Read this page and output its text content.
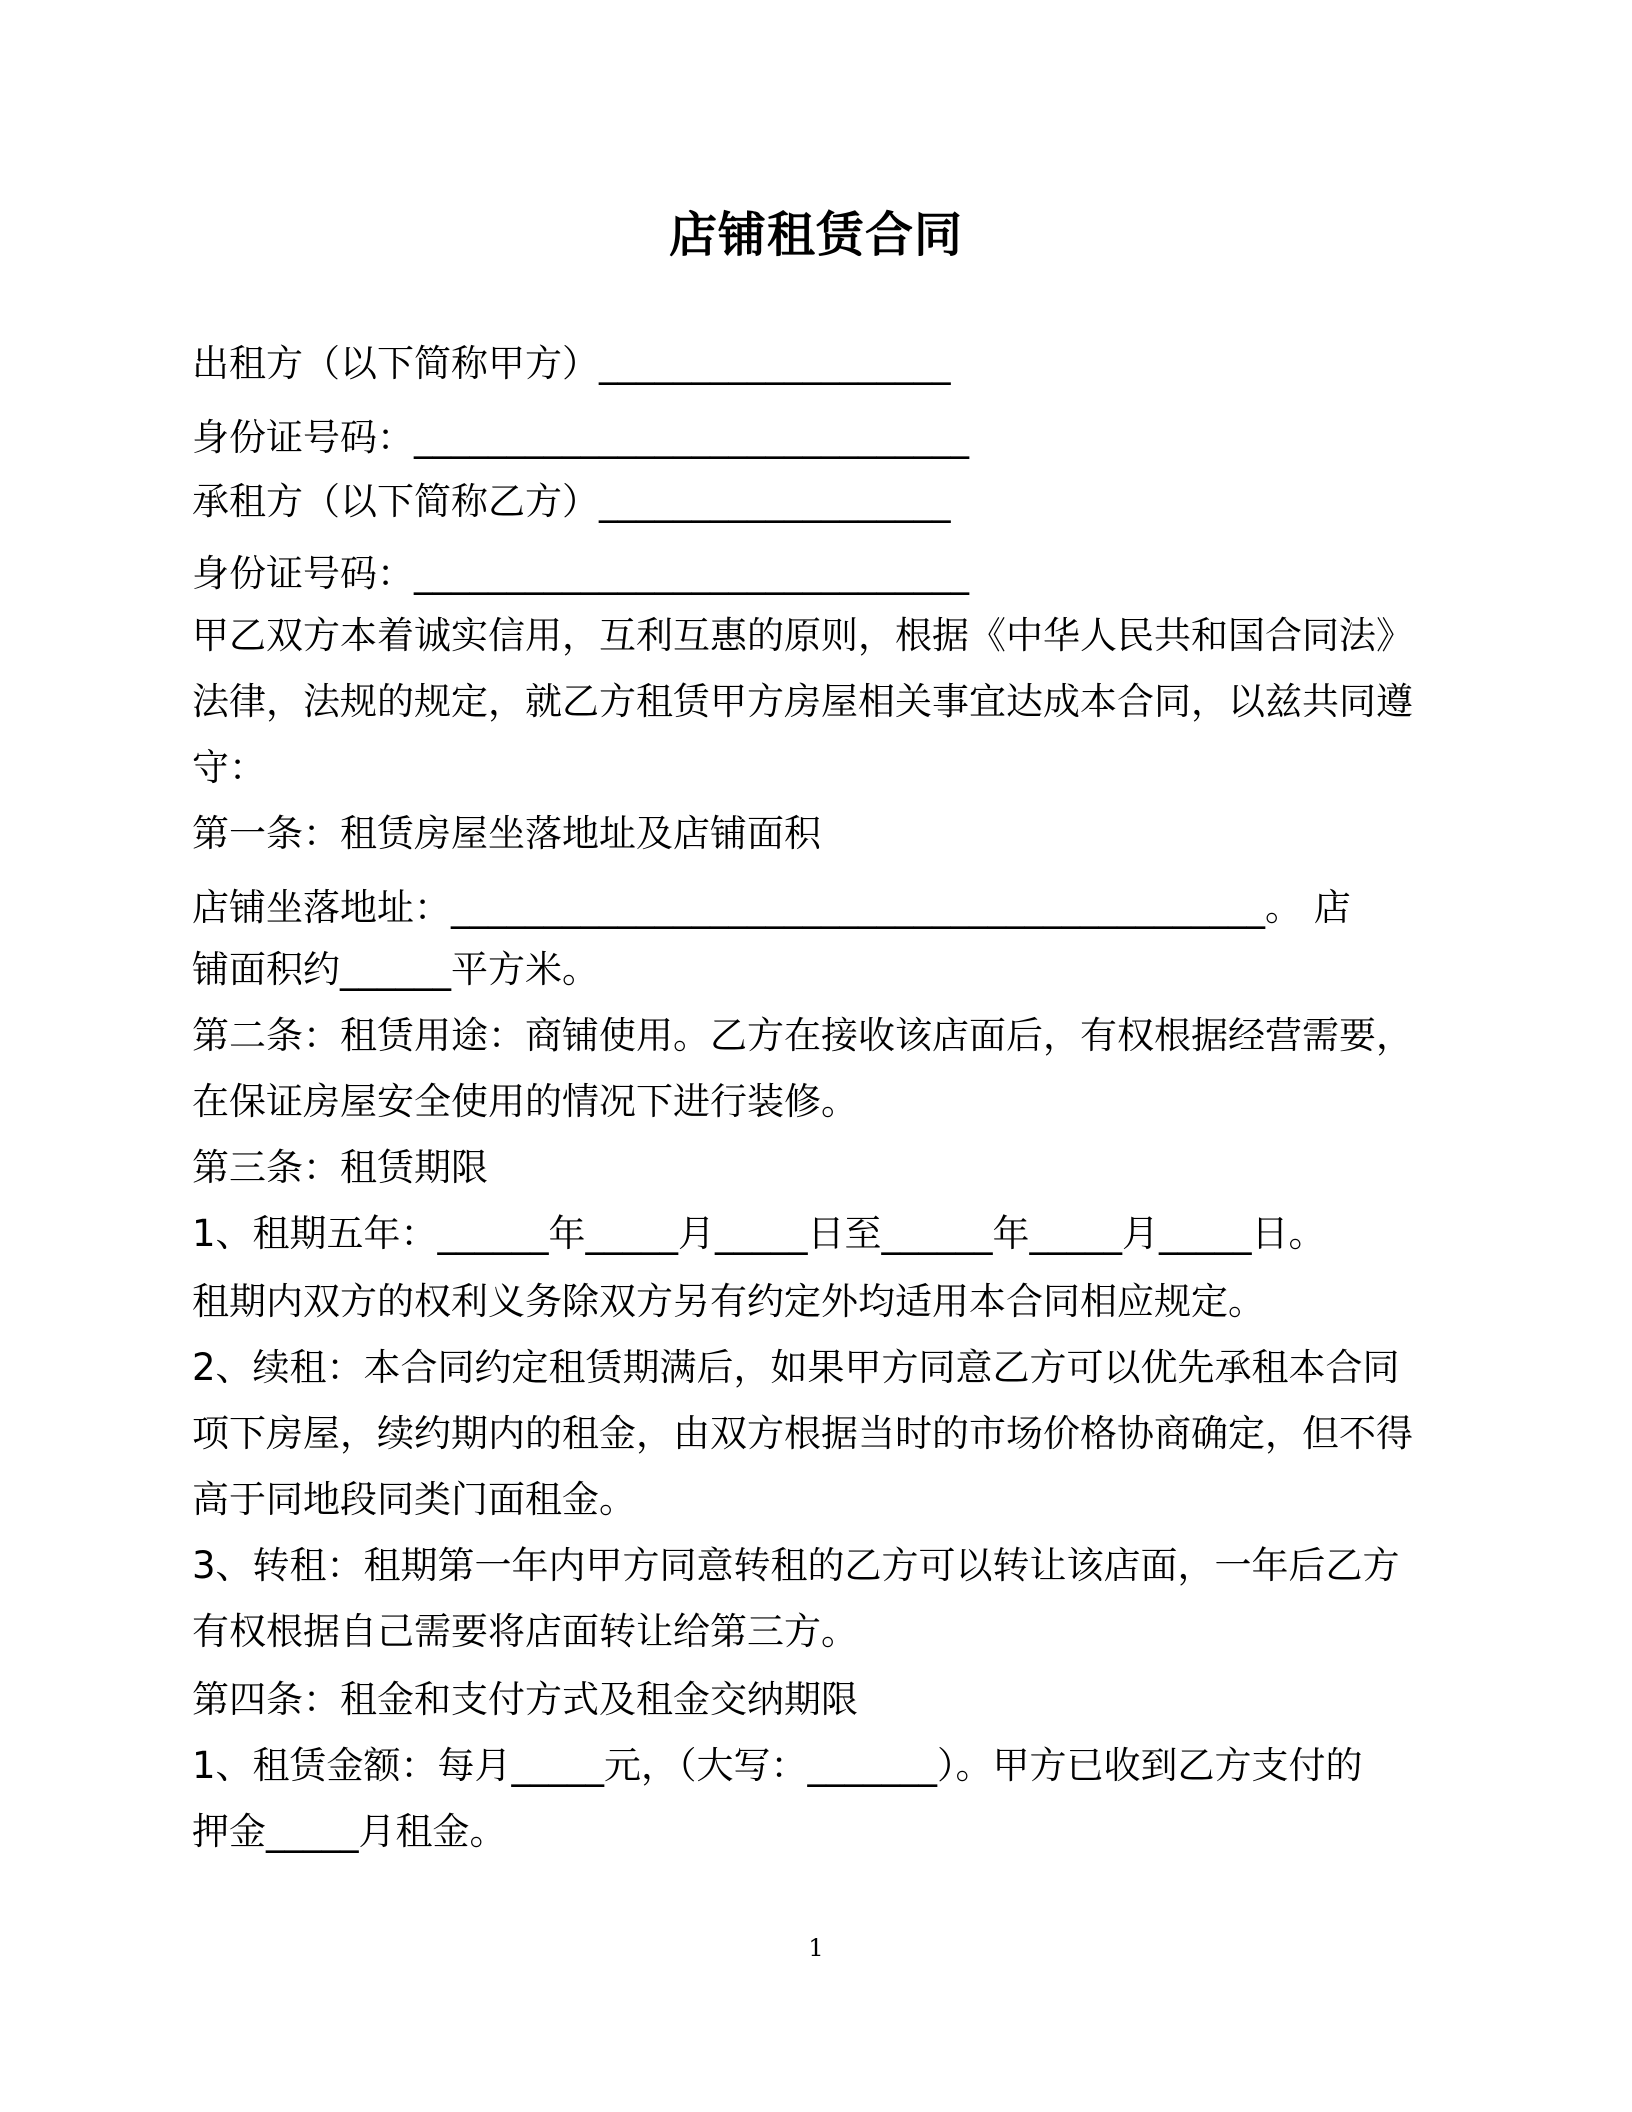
店铺租赁合同
出租方（以下简称甲方）___________________
身份证号码：______________________________
承租方（以下简称乙方）___________________
身份证号码：______________________________
甲乙双方本着诚实信用，互利互惠的原则，根据《中华人民共和国合同法》
法律，法规的规定，就乙方租赁甲方房屋相关事宜达成本合同，以兹共同遵
守：
第一条：租赁房屋坐落地址及店铺面积
店铺坐落地址：____________________________________________。 店
铺面积约______平方米。
第二条：租赁用途：商铺使用。乙方在接收该店面后，有权根据经营需要，
在保证房屋安全使用的情况下进行装修。
第三条：租赁期限
1、租期五年：______年_____月_____日至______年_____月_____日。
租期内双方的权利义务除双方另有约定外均适用本合同相应规定。
2、续租：本合同约定租赁期满后，如果甲方同意乙方可以优先承租本合同
项下房屋，续约期内的租金，由双方根据当时的市场价格协商确定，但不得
高于同地段同类门面租金。
3、转租：租期第一年内甲方同意转租的乙方可以转让该店面，一年后乙方
有权根据自己需要将店面转让给第三方。
第四条：租金和支付方式及租金交纳期限
1、租赁金额：每月_____元，（大写：_______）。甲方已收到乙方支付的
押金_____月租金。
1
